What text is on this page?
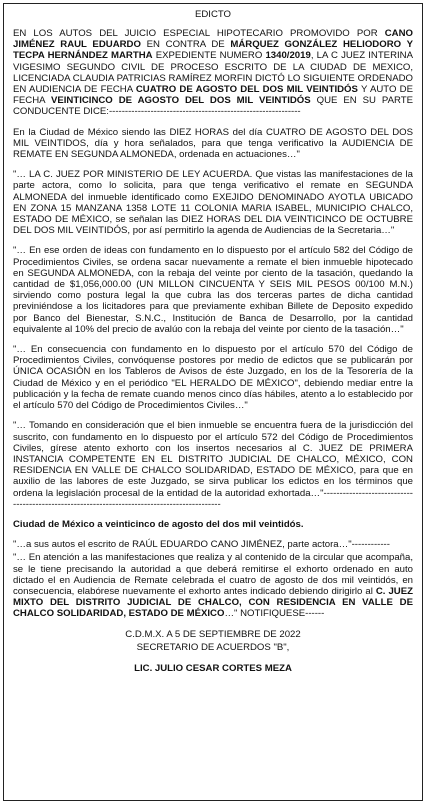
EDICTO

EN LOS AUTOS DEL JUICIO ESPECIAL HIPOTECARIO PROMOVIDO POR CANO JIMÉNEZ RAUL EDUARDO EN CONTRA DE MÁRQUEZ GONZÁLEZ HELIODORO Y TECPA HERNÁNDEZ MARTHA EXPEDIENTE NUMERO 1340/2019, LA C JUEZ INTERINA VIGESIMO SEGUNDO CIVIL DE PROCESO ESCRITO DE LA CIUDAD DE MEXICO, LICENCIADA CLAUDIA PATRICIAS RAMÍREZ MORFIN DICTÓ LO SIGUIENTE ORDENADO EN AUDIENCIA DE FECHA CUATRO DE AGOSTO DEL DOS MIL VEINTIDÓS Y AUTO DE FECHA VEINTICINCO DE AGOSTO DEL DOS MIL VEINTIDÓS QUE EN SU PARTE CONDUCENTE DICE:------------------------------------------------------------

En la Ciudad de México siendo las DIEZ HORAS del día CUATRO DE AGOSTO DEL DOS MIL VEINTIDOS, día y hora señalados, para que tenga verificativo la AUDIENCIA DE REMATE EN SEGUNDA ALMONEDA, ordenada en actuaciones…"

"… LA C. JUEZ POR MINISTERIO DE LEY ACUERDA. Que vistas las manifestaciones de la parte actora, como lo solicita, para que tenga verificativo el remate en SEGUNDA ALMONEDA del inmueble identificado como EXEJIDO DENOMINADO AYOTLA UBICADO EN ZONA 15 MANZANA 1358 LOTE 11 COLONIA MARIA ISABEL, MUNICIPIO CHALCO, ESTADO DE MÉXICO, se señalan las DIEZ HORAS DEL DIA VEINTICINCO DE OCTUBRE DEL DOS MIL VEINTIDÓS, por así permitirlo la agenda de Audiencias de la Secretaria…"

"… En ese orden de ideas con fundamento en lo dispuesto por el artículo 582 del Código de Procedimientos Civiles, se ordena sacar nuevamente a remate el bien inmueble hipotecado en SEGUNDA ALMONEDA, con la rebaja del veinte por ciento de la tasación, quedando la cantidad de $1,056,000.00 (UN MILLON CINCUENTA Y SEIS MIL PESOS 00/100 M.N.) sirviendo como postura legal la que cubra las dos terceras partes de dicha cantidad previniéndose a los licitadores para que previamente exhiban Billete de Deposito expedido por Banco del Bienestar, S.N.C., Institución de Banca de Desarrollo, por la cantidad equivalente al 10% del precio de avalúo con la rebaja del veinte por ciento de la tasación…"

"… En consecuencia con fundamento en lo dispuesto por el artículo 570 del Código de Procedimientos Civiles, convóquense postores por medio de edictos que se publicarán por ÚNICA OCASIÓN en los Tableros de Avisos de éste Juzgado, en los de la Tesorería de la Ciudad de México y en el periódico "EL HERALDO DE MÉXICO", debiendo mediar entre la publicación y la fecha de remate cuando menos cinco días hábiles, atento a lo establecido por el artículo 570 del Código de Procedimientos Civiles…"

"… Tomando en consideración que el bien inmueble se encuentra fuera de la jurisdicción del suscrito, con fundamento en lo dispuesto por el artículo 572 del Código de Procedimientos Civiles, gírese atento exhorto con los insertos necesarios al C. JUEZ DE PRIMERA INSTANCIA COMPETENTE EN EL DISTRITO JUDICIAL DE CHALCO, MÉXICO, CON RESIDENCIA EN VALLE DE CHALCO SOLIDARIDAD, ESTADO DE MÉXICO, para que en auxilio de las labores de este Juzgado, se sirva publicar los edictos en los términos que ordena la legislación procesal de la entidad de la autoridad exhortada…"---------------------------------------------------------------------------------------------

Ciudad de México a veinticinco de agosto del dos mil veintidós.

"…a sus autos el escrito de RAÚL EDUARDO CANO JIMÉNEZ, parte actora…"------------

"… En atención a las manifestaciones que realiza y al contenido de la circular que acompaña, se le tiene precisando la autoridad a que deberá remitirse el exhorto ordenado en auto dictado el en Audiencia de Remate celebrada el cuatro de agosto de dos mil veintidós, en consecuencia, elabórese nuevamente el exhorto antes indicado debiendo dirigirlo al C. JUEZ MIXTO DEL DISTRITO JUDICIAL DE CHALCO, CON RESIDENCIA EN VALLE DE CHALCO SOLIDARIDAD, ESTADO DE MÉXICO…" NOTIFIQUESE------

C.D.M.X. A 5 DE SEPTIEMBRE DE 2022

SECRETARIO DE ACUERDOS "B",

LIC. JULIO CESAR CORTES MEZA
